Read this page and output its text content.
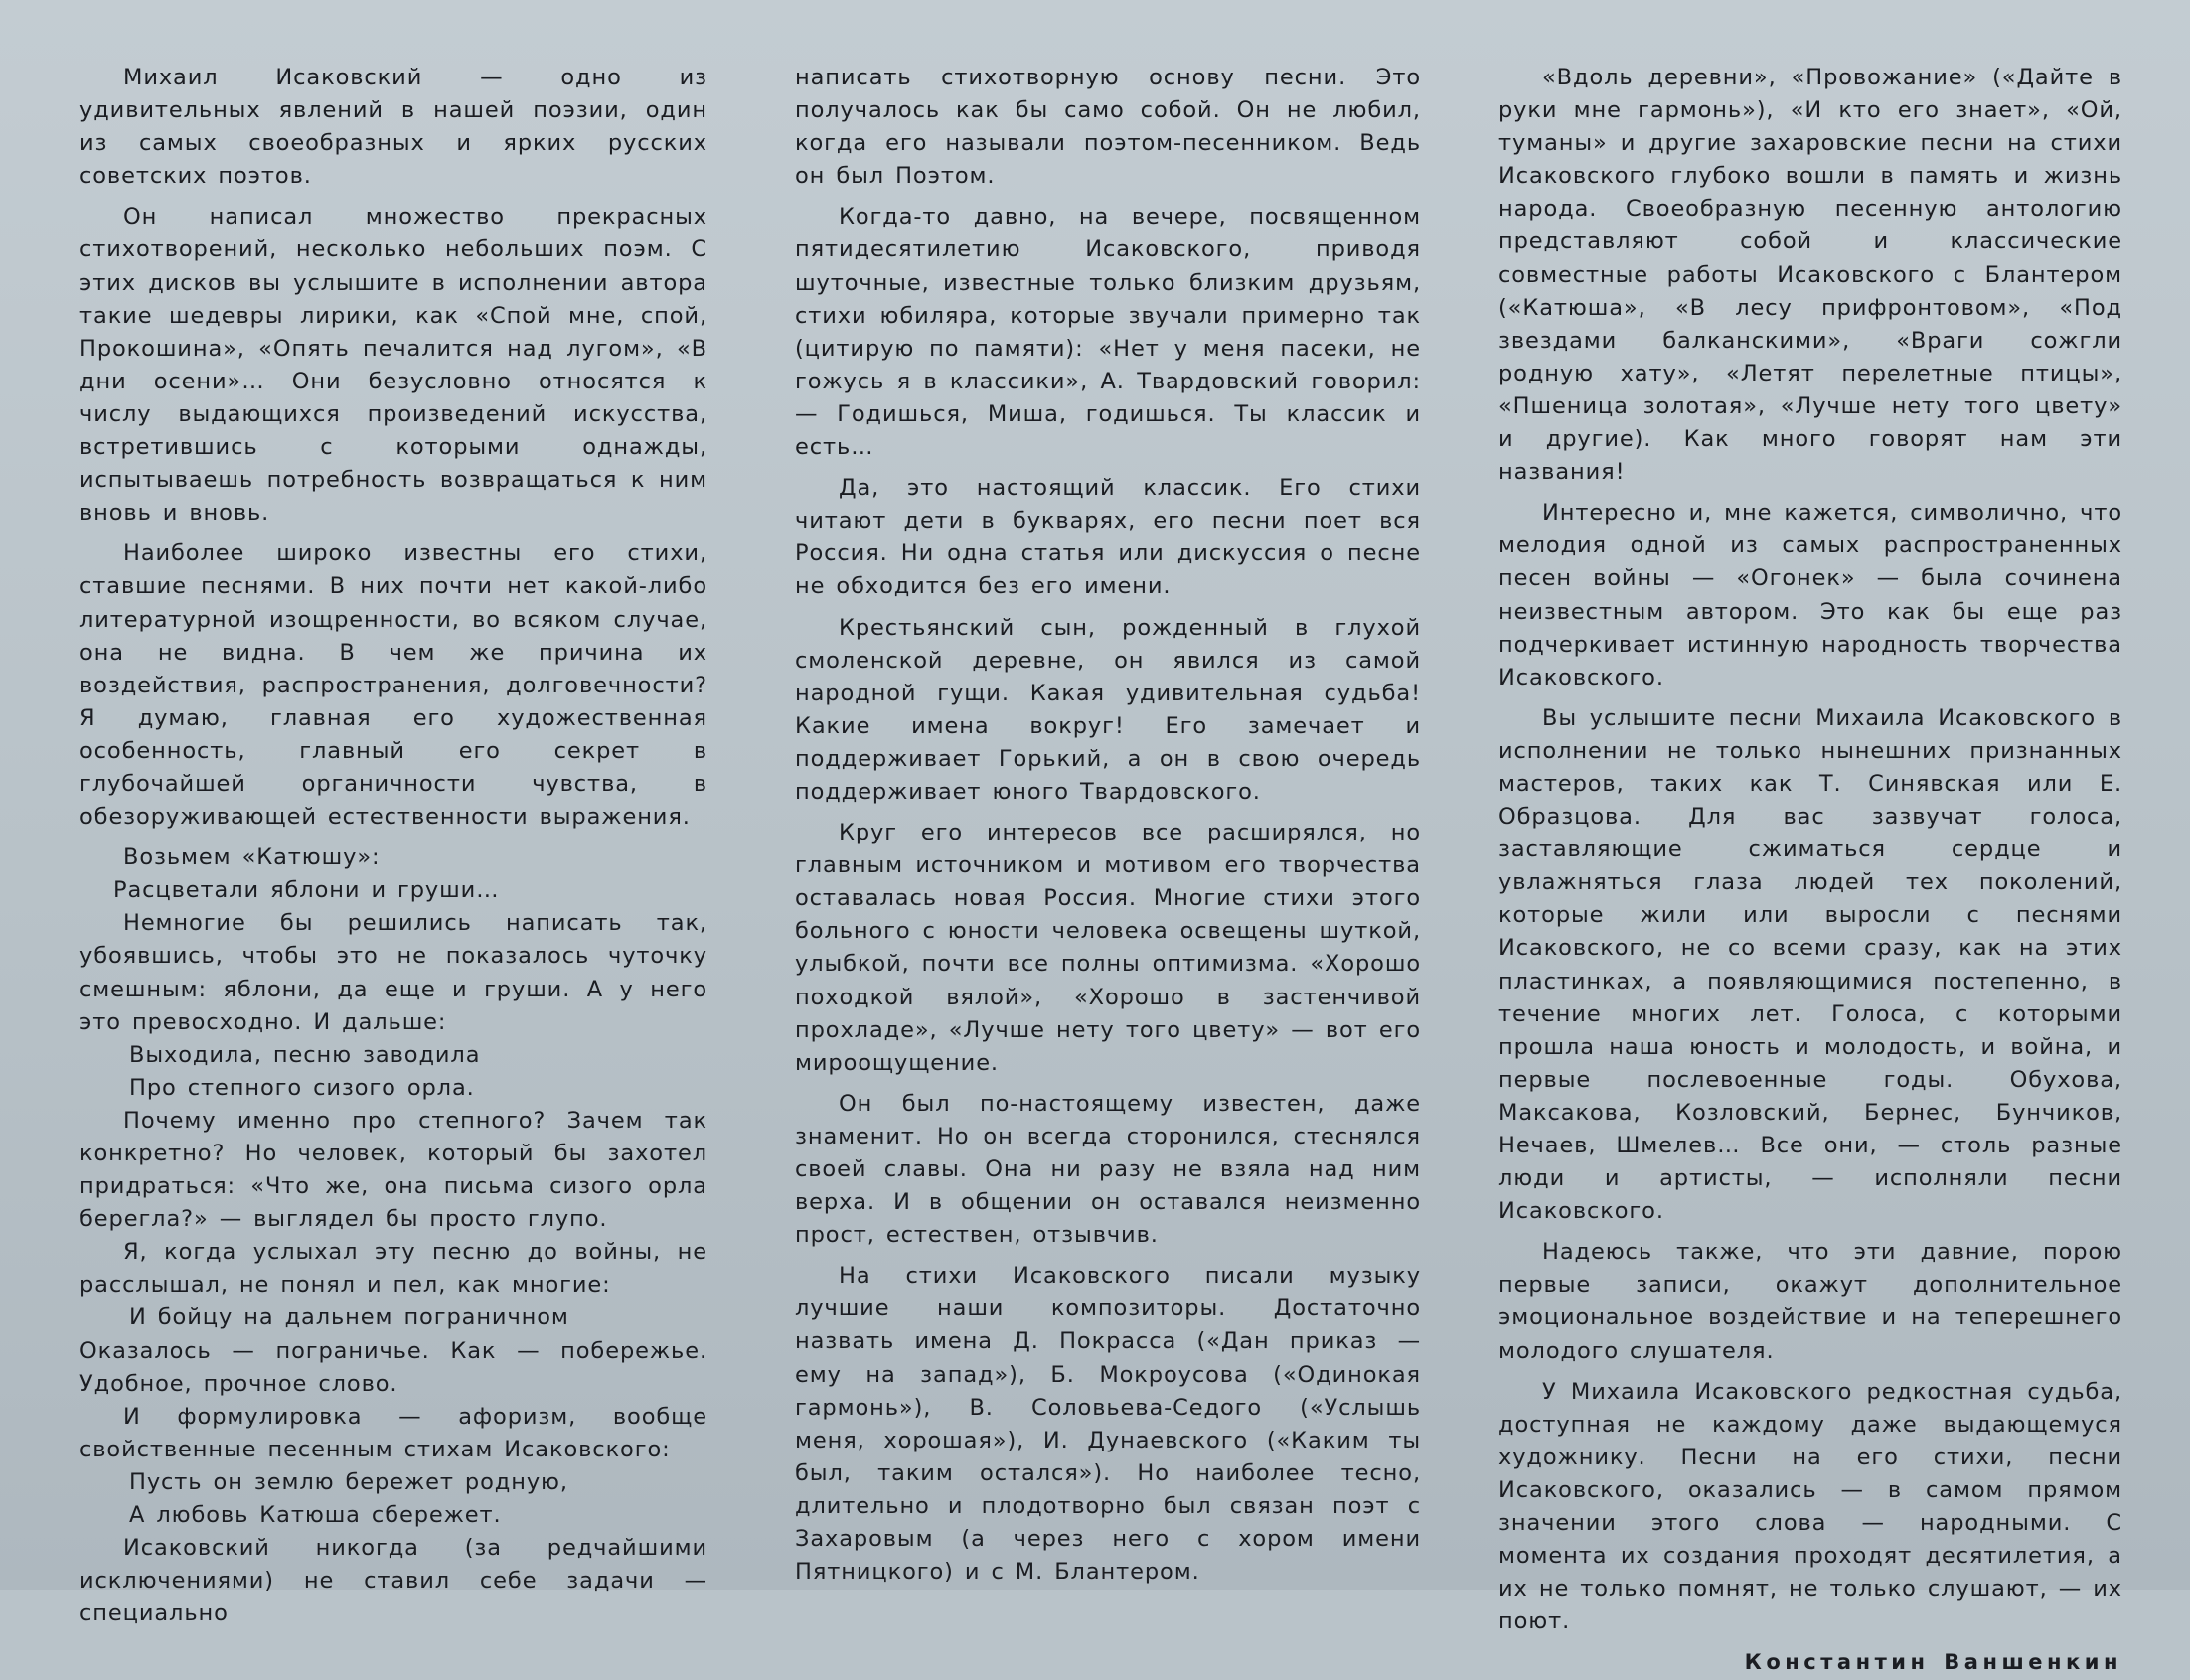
Михаил Исаковский — одно из удивительных явлений в нашей поэзии, один из самых своеобразных и ярких русских советских поэтов.

Он написал множество прекрасных стихотворений, несколько небольших поэм. С этих дисков вы услышите в исполнении автора такие шедевры лирики, как «Спой мне, спой, Прокошина», «Опять печалится над лугом», «В дни осени»… Они безусловно относятся к числу выдающихся произведений искусства, встретившись с которыми однажды, испытываешь потребность возвращаться к ним вновь и вновь.

Наиболее широко известны его стихи, ставшие песнями. В них почти нет какой-либо литературной изощренности, во всяком случае, она не видна. В чем же причина их воздействия, распространения, долговечности? Я думаю, главная его художественная особенность, главный его секрет в глубочайшей органичности чувства, в обезоруживающей естественности выражения.

Возьмем «Катюшу»:

Расцветали яблони и груши…

Немногие бы решились написать так, убоявшись, чтобы это не показалось чуточку смешным: яблони, да еще и груши. А у него это превосходно. И дальше:

Выходила, песню заводила

Про степного сизого орла.

Почему именно про степного? Зачем так конкретно? Но человек, который бы захотел придраться: «Что же, она письма сизого орла берегла?» — выглядел бы просто глупо.

Я, когда услыхал эту песню до войны, не расслышал, не понял и пел, как многие:

И бойцу на дальнем пограничном

Оказалось — пограничье. Как — побережье. Удобное, прочное слово.

И формулировка — афоризм, вообще свойственные песенным стихам Исаковского:

Пусть он землю бережет родную,

А любовь Катюша сбережет.

Исаковский никогда (за редчайшими исключениями) не ставил себе задачи — специально

написать стихотворную основу песни. Это получалось как бы само собой. Он не любил, когда его называли поэтом-песенником. Ведь он был Поэтом.

Когда-то давно, на вечере, посвященном пятидесятилетию Исаковского, приводя шуточные, известные только близким друзьям, стихи юбиляра, которые звучали примерно так (цитирую по памяти): «Нет у меня пасеки, не гожусь я в классики», А. Твардовский говорил: — Годишься, Миша, годишься. Ты классик и есть…

Да, это настоящий классик. Его стихи читают дети в букварях, его песни поет вся Россия. Ни одна статья или дискуссия о песне не обходится без его имени.

Крестьянский сын, рожденный в глухой смоленской деревне, он явился из самой народной гущи. Какая удивительная судьба! Какие имена вокруг! Его замечает и поддерживает Горький, а он в свою очередь поддерживает юного Твардовского.

Круг его интересов все расширялся, но главным источником и мотивом его творчества оставалась новая Россия. Многие стихи этого больного с юности человека освещены шуткой, улыбкой, почти все полны оптимизма. «Хорошо походкой вялой», «Хорошо в застенчивой прохладе», «Лучше нету того цвету» — вот его мироощущение.

Он был по-настоящему известен, даже знаменит. Но он всегда сторонился, стеснялся своей славы. Она ни разу не взяла над ним верха. И в общении он оставался неизменно прост, естествен, отзывчив.

На стихи Исаковского писали музыку лучшие наши композиторы. Достаточно назвать имена Д. Покрасса («Дан приказ — ему на запад»), Б. Мокроусова («Одинокая гармонь»), В. Соловьева-Седого («Услышь меня, хорошая»), И. Дунаевского («Каким ты был, таким остался»). Но наиболее тесно, длительно и плодотворно был связан поэт с Захаровым (а через него с хором имени Пятницкого) и с М. Блантером.

«Вдоль деревни», «Провожание» («Дайте в руки мне гармонь»), «И кто его знает», «Ой, туманы» и другие захаровские песни на стихи Исаковского глубоко вошли в память и жизнь народа. Своеобразную песенную антологию представляют собой и классические совместные работы Исаковского с Блантером («Катюша», «В лесу прифронтовом», «Под звездами балканскими», «Враги сожгли родную хату», «Летят перелетные птицы», «Пшеница золотая», «Лучше нету того цвету» и другие). Как много говорят нам эти названия!

Интересно и, мне кажется, символично, что мелодия одной из самых распространенных песен войны — «Огонек» — была сочинена неизвестным автором. Это как бы еще раз подчеркивает истинную народность творчества Исаковского.

Вы услышите песни Михаила Исаковского в исполнении не только нынешних признанных мастеров, таких как Т. Синявская или Е. Образцова. Для вас зазвучат голоса, заставляющие сжиматься сердце и увлажняться глаза людей тех поколений, которые жили или выросли с песнями Исаковского, не со всеми сразу, как на этих пластинках, а появляющимися постепенно, в течение многих лет. Голоса, с которыми прошла наша юность и молодость, и война, и первые послевоенные годы. Обухова, Максакова, Козловский, Бернес, Бунчиков, Нечаев, Шмелев… Все они, — столь разные люди и артисты, — исполняли песни Исаковского.

Надеюсь также, что эти давние, порою первые записи, окажут дополнительное эмоциональное воздействие и на теперешнего молодого слушателя.

У Михаила Исаковского редкостная судьба, доступная не каждому даже выдающемуся художнику. Песни на его стихи, песни Исаковского, оказались — в самом прямом значении этого слова — народными. С момента их создания проходят десятилетия, а их не только помнят, не только слушают, — их поют.

Константин Ваншенкин
